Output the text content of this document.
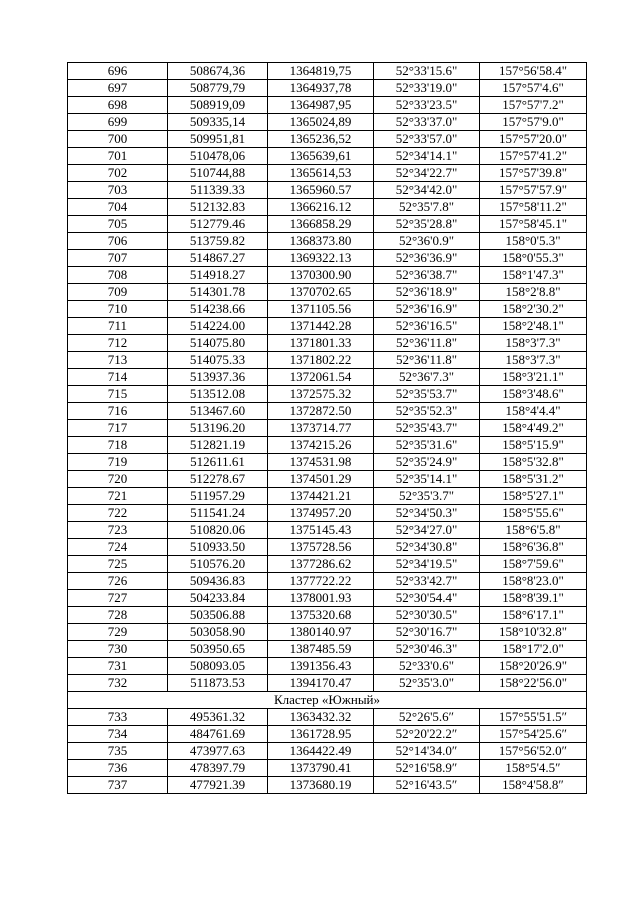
696	508674,36	1364819,75	52°33'15.6"	157°56'58.4"
697	508779,79	1364937,78	52°33'19.0"	157°57'4.6"
698	508919,09	1364987,95	52°33'23.5"	157°57'7.2"
699	509335,14	1365024,89	52°33'37.0"	157°57'9.0"
700	509951,81	1365236,52	52°33'57.0"	157°57'20.0"
701	510478,06	1365639,61	52°34'14.1"	157°57'41.2"
702	510744,88	1365614,53	52°34'22.7"	157°57'39.8"
703	511339.33	1365960.57	52°34'42.0"	157°57'57.9"
704	512132.83	1366216.12	52°35'7.8"	157°58'11.2"
705	512779.46	1366858.29	52°35'28.8"	157°58'45.1"
706	513759.82	1368373.80	52°36'0.9"	158°0'5.3"
707	514867.27	1369322.13	52°36'36.9"	158°0'55.3"
708	514918.27	1370300.90	52°36'38.7"	158°1'47.3"
709	514301.78	1370702.65	52°36'18.9"	158°2'8.8"
710	514238.66	1371105.56	52°36'16.9"	158°2'30.2"
711	514224.00	1371442.28	52°36'16.5"	158°2'48.1"
712	514075.80	1371801.33	52°36'11.8"	158°3'7.3"
713	514075.33	1371802.22	52°36'11.8"	158°3'7.3"
714	513937.36	1372061.54	52°36'7.3"	158°3'21.1"
715	513512.08	1372575.32	52°35'53.7"	158°3'48.6"
716	513467.60	1372872.50	52°35'52.3"	158°4'4.4"
717	513196.20	1373714.77	52°35'43.7"	158°4'49.2"
718	512821.19	1374215.26	52°35'31.6"	158°5'15.9"
719	512611.61	1374531.98	52°35'24.9"	158°5'32.8"
720	512278.67	1374501.29	52°35'14.1"	158°5'31.2"
721	511957.29	1374421.21	52°35'3.7"	158°5'27.1"
722	511541.24	1374957.20	52°34'50.3"	158°5'55.6"
723	510820.06	1375145.43	52°34'27.0"	158°6'5.8"
724	510933.50	1375728.56	52°34'30.8"	158°6'36.8"
725	510576.20	1377286.62	52°34'19.5"	158°7'59.6"
726	509436.83	1377722.22	52°33'42.7"	158°8'23.0"
727	504233.84	1378001.93	52°30'54.4"	158°8'39.1"
728	503506.88	1375320.68	52°30'30.5"	158°6'17.1"
729	503058.90	1380140.97	52°30'16.7"	158°10'32.8"
730	503950.65	1387485.59	52°30'46.3"	158°17'2.0"
731	508093.05	1391356.43	52°33'0.6"	158°20'26.9"
732	511873.53	1394170.47	52°35'3.0"	158°22'56.0"
Кластер «Южный»				
733	495361.32	1363432.32	52°26'5.6″	157°55'51.5″
734	484761.69	1361728.95	52°20'22.2″	157°54'25.6″
735	473977.63	1364422.49	52°14'34.0″	157°56'52.0″
736	478397.79	1373790.41	52°16'58.9″	158°5'4.5″
737	477921.39	1373680.19	52°16'43.5″	158°4'58.8″
